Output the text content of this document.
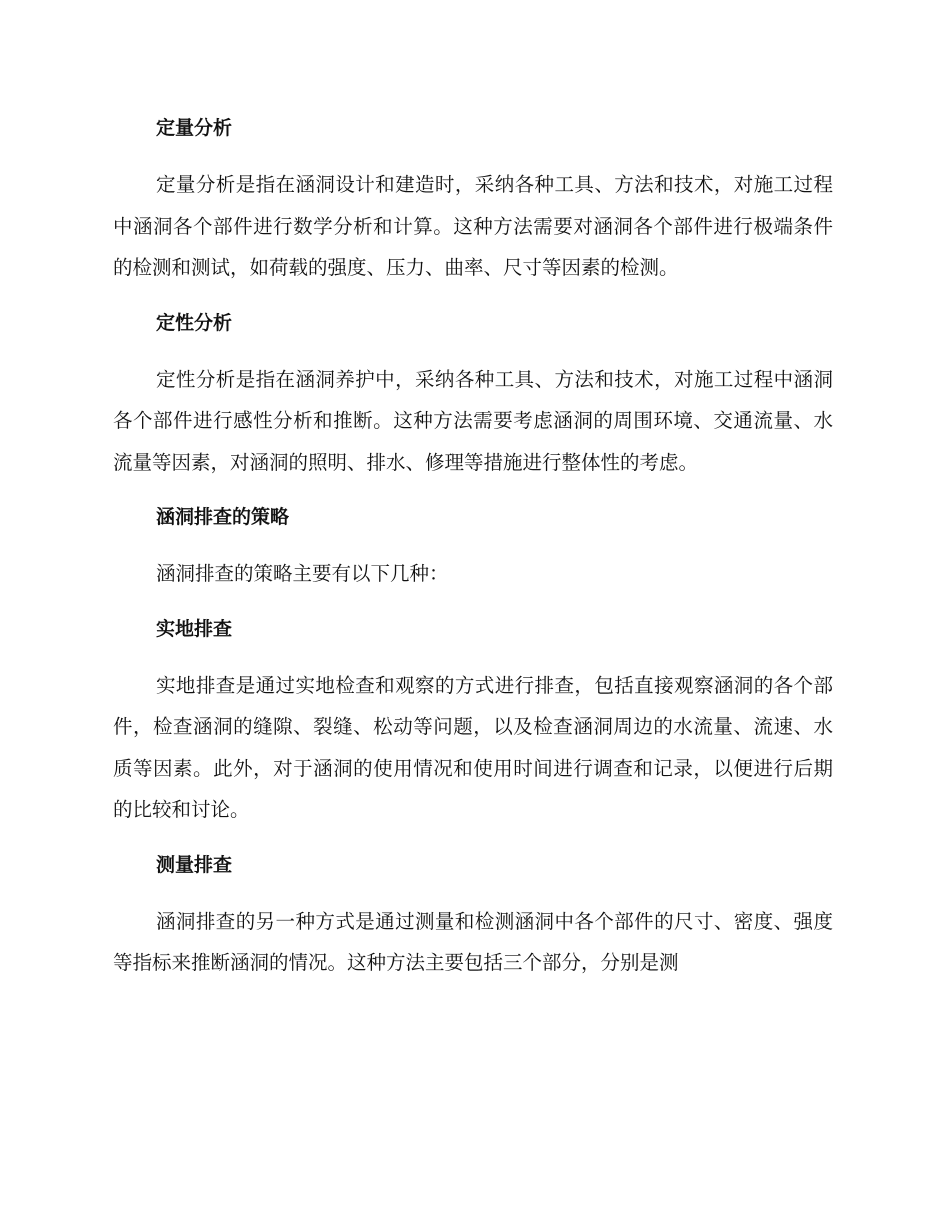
定量分析

定量分析是指在涵洞设计和建造时，采纳各种工具、方法和技术，对施工过程中涵洞各个部件进行数学分析和计算。这种方法需要对涵洞各个部件进行极端条件的检测和测试，如荷载的强度、压力、曲率、尺寸等因素的检测。

定性分析

定性分析是指在涵洞养护中，采纳各种工具、方法和技术，对施工过程中涵洞各个部件进行感性分析和推断。这种方法需要考虑涵洞的周围环境、交通流量、水流量等因素，对涵洞的照明、排水、修理等措施进行整体性的考虑。

涵洞排查的策略

涵洞排查的策略主要有以下几种：

实地排查

实地排查是通过实地检查和观察的方式进行排查，包括直接观察涵洞的各个部件，检查涵洞的缝隙、裂缝、松动等问题，以及检查涵洞周边的水流量、流速、水质等因素。此外，对于涵洞的使用情况和使用时间进行调查和记录，以便进行后期的比较和讨论。

测量排查

涵洞排查的另一种方式是通过测量和检测涵洞中各个部件的尺寸、密度、强度等指标来推断涵洞的情况。这种方法主要包括三个部分，分别是测
